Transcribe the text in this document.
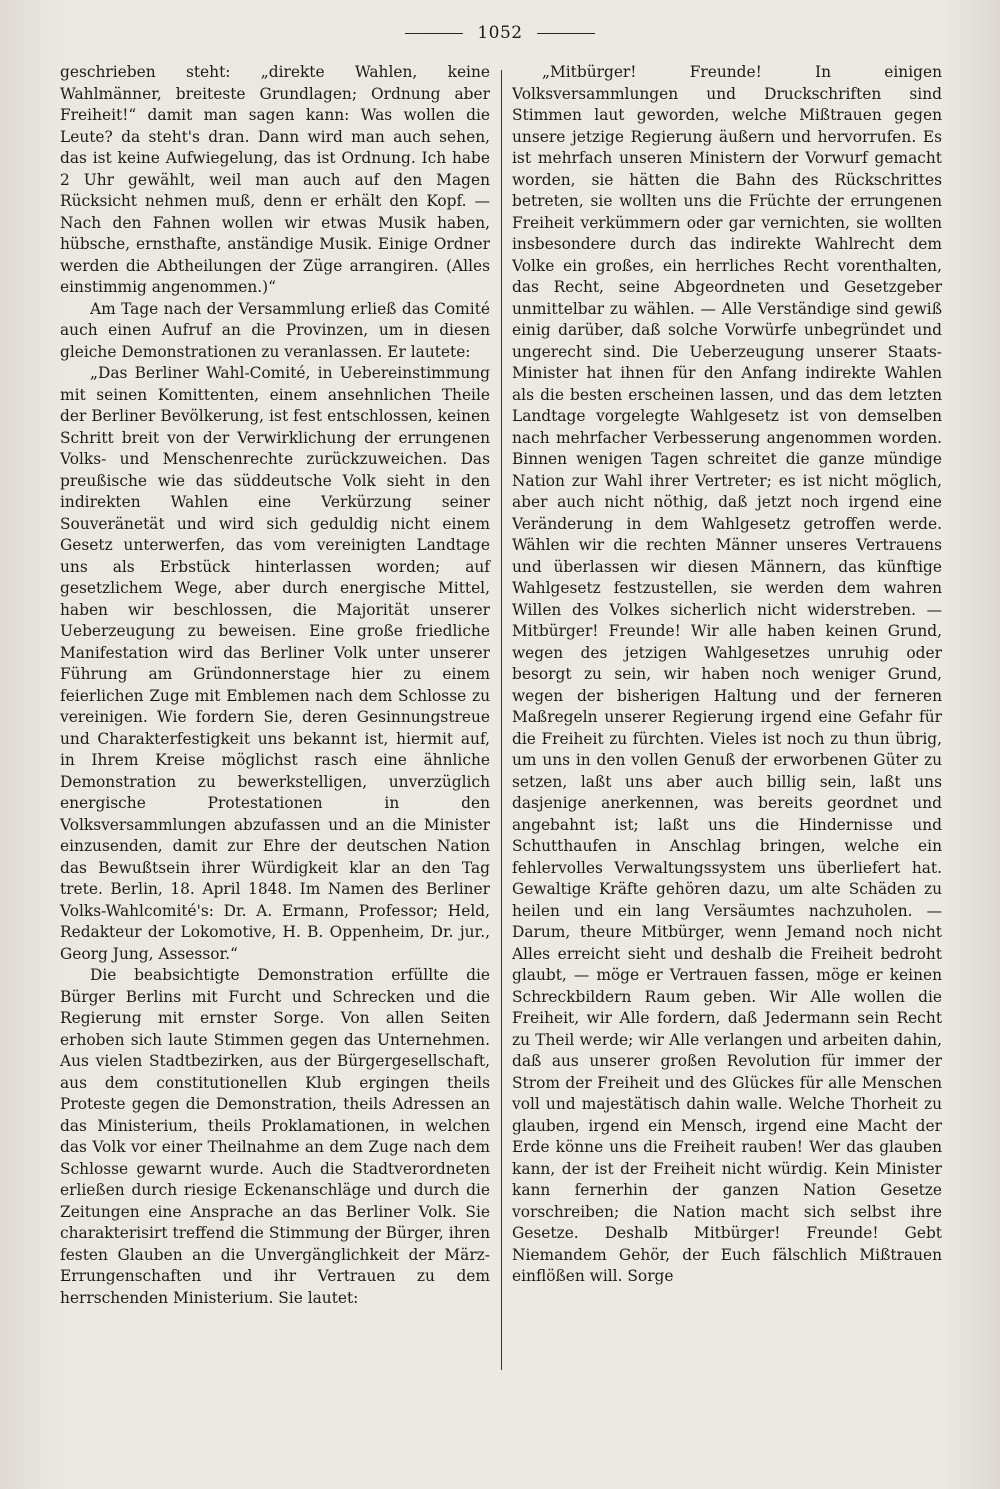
1052

geschrieben steht: „direkte Wahlen, keine Wahlmänner, breiteste Grundlagen; Ordnung aber Freiheit!“ damit man sagen kann: Was wollen die Leute? da steht's dran. Dann wird man auch sehen, das ist keine Aufwiegelung, das ist Ordnung. Ich habe 2 Uhr gewählt, weil man auch auf den Magen Rücksicht nehmen muß, denn er erhält den Kopf. — Nach den Fahnen wollen wir etwas Musik haben, hübsche, ernsthafte, anständige Musik. Einige Ordner werden die Abtheilungen der Züge arrangiren. (Alles einstimmig angenommen.)“

Am Tage nach der Versammlung erließ das Comité auch einen Aufruf an die Provinzen, um in diesen gleiche Demonstrationen zu veranlassen. Er lautete:

„Das Berliner Wahl-Comité, in Uebereinstimmung mit seinen Komittenten, einem ansehnlichen Theile der Berliner Bevölkerung, ist fest entschlossen, keinen Schritt breit von der Verwirklichung der errungenen Volks- und Menschenrechte zurückzuweichen. Das preußische wie das süddeutsche Volk sieht in den indirekten Wahlen eine Verkürzung seiner Souveränetät und wird sich geduldig nicht einem Gesetz unterwerfen, das vom vereinigten Landtage uns als Erbstück hinterlassen worden; auf gesetzlichem Wege, aber durch energische Mittel, haben wir beschlossen, die Majorität unserer Ueberzeugung zu beweisen. Eine große friedliche Manifestation wird das Berliner Volk unter unserer Führung am Gründonnerstage hier zu einem feierlichen Zuge mit Emblemen nach dem Schlosse zu vereinigen. Wie fordern Sie, deren Gesinnungstreue und Charakterfestigkeit uns bekannt ist, hiermit auf, in Ihrem Kreise möglichst rasch eine ähnliche Demonstration zu bewerkstelligen, unverzüglich energische Protestationen in den Volksversammlungen abzufassen und an die Minister einzusenden, damit zur Ehre der deutschen Nation das Bewußtsein ihrer Würdigkeit klar an den Tag trete. Berlin, 18. April 1848. Im Namen des Berliner Volks-Wahlcomité's: Dr. A. Ermann, Professor; Held, Redakteur der Lokomotive, H. B. Oppenheim, Dr. jur., Georg Jung, Assessor.“

Die beabsichtigte Demonstration erfüllte die Bürger Berlins mit Furcht und Schrecken und die Regierung mit ernster Sorge. Von allen Seiten erhoben sich laute Stimmen gegen das Unternehmen. Aus vielen Stadtbezirken, aus der Bürgergesellschaft, aus dem constitutionellen Klub ergingen theils Proteste gegen die Demonstration, theils Adressen an das Ministerium, theils Proklamationen, in welchen das Volk vor einer Theilnahme an dem Zuge nach dem Schlosse gewarnt wurde. Auch die Stadtverordneten erließen durch riesige Eckenanschläge und durch die Zeitungen eine Ansprache an das Berliner Volk. Sie charakterisirt treffend die Stimmung der Bürger, ihren festen Glauben an die Unvergänglichkeit der März-Errungenschaften und ihr Vertrauen zu dem herrschenden Ministerium. Sie lautet:

„Mitbürger! Freunde! In einigen Volksversammlungen und Druckschriften sind Stimmen laut geworden, welche Mißtrauen gegen unsere jetzige Regierung äußern und hervorrufen. Es ist mehrfach unseren Ministern der Vorwurf gemacht worden, sie hätten die Bahn des Rückschrittes betreten, sie wollten uns die Früchte der errungenen Freiheit verkümmern oder gar vernichten, sie wollten insbesondere durch das indirekte Wahlrecht dem Volke ein großes, ein herrliches Recht vorenthalten, das Recht, seine Abgeordneten und Gesetzgeber unmittelbar zu wählen. — Alle Verständige sind gewiß einig darüber, daß solche Vorwürfe unbegründet und ungerecht sind. Die Ueberzeugung unserer Staats-Minister hat ihnen für den Anfang indirekte Wahlen als die besten erscheinen lassen, und das dem letzten Landtage vorgelegte Wahlgesetz ist von demselben nach mehrfacher Verbesserung angenommen worden. Binnen wenigen Tagen schreitet die ganze mündige Nation zur Wahl ihrer Vertreter; es ist nicht möglich, aber auch nicht nöthig, daß jetzt noch irgend eine Veränderung in dem Wahlgesetz getroffen werde. Wählen wir die rechten Männer unseres Vertrauens und überlassen wir diesen Männern, das künftige Wahlgesetz festzustellen, sie werden dem wahren Willen des Volkes sicherlich nicht widerstreben. — Mitbürger! Freunde! Wir alle haben keinen Grund, wegen des jetzigen Wahlgesetzes unruhig oder besorgt zu sein, wir haben noch weniger Grund, wegen der bisherigen Haltung und der ferneren Maßregeln unserer Regierung irgend eine Gefahr für die Freiheit zu fürchten. Vieles ist noch zu thun übrig, um uns in den vollen Genuß der erworbenen Güter zu setzen, laßt uns aber auch billig sein, laßt uns dasjenige anerkennen, was bereits geordnet und angebahnt ist; laßt uns die Hindernisse und Schutthaufen in Anschlag bringen, welche ein fehlervolles Verwaltungssystem uns überliefert hat. Gewaltige Kräfte gehören dazu, um alte Schäden zu heilen und ein lang Versäumtes nachzuholen. — Darum, theure Mitbürger, wenn Jemand noch nicht Alles erreicht sieht und deshalb die Freiheit bedroht glaubt, — möge er Vertrauen fassen, möge er keinen Schreckbildern Raum geben. Wir Alle wollen die Freiheit, wir Alle fordern, daß Jedermann sein Recht zu Theil werde; wir Alle verlangen und arbeiten dahin, daß aus unserer großen Revolution für immer der Strom der Freiheit und des Glückes für alle Menschen voll und majestätisch dahin walle. Welche Thorheit zu glauben, irgend ein Mensch, irgend eine Macht der Erde könne uns die Freiheit rauben! Wer das glauben kann, der ist der Freiheit nicht würdig. Kein Minister kann fernerhin der ganzen Nation Gesetze vorschreiben; die Nation macht sich selbst ihre Gesetze. Deshalb Mitbürger! Freunde! Gebt Niemandem Gehör, der Euch fälschlich Mißtrauen einflößen will. Sorge
